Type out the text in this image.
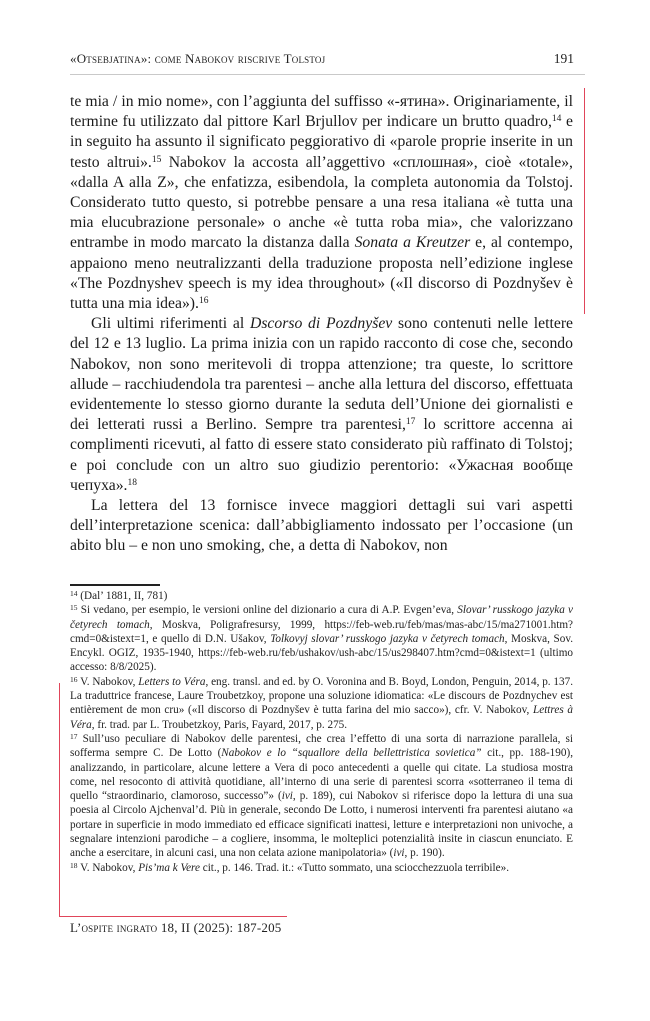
«Otsebjatina»: come Nabokov riscrive Tolstoj	191

te mia / in mio nome», con l’aggiunta del suffisso «-ятина». Originariamente, il termine fu utilizzato dal pittore Karl Brjullov per indicare un brutto quadro,$^{14}$ e in seguito ha assunto il significato peggiorativo di «parole proprie inserite in un testo altrui».$^{15}$ Nabokov la accosta all’aggettivo «сплошная», cioè «totale», «dalla A alla Z», che enfatizza, esibendola, la completa autonomia da Tolstoj. Considerato tutto questo, si potrebbe pensare a una resa italiana «è tutta una mia elucubrazione personale» o anche «è tutta roba mia», che valorizzano entrambe in modo marcato la distanza dalla Sonata a Kreutzer e, al contempo, appaiono meno neutralizzanti della traduzione proposta nell’edizione inglese «The Pozdnyshev speech is my idea throughout» («Il discorso di Pozdnyšev è tutta una mia idea»).$^{16}$

Gli ultimi riferimenti al Dscorso di Pozdnyšev sono contenuti nelle lettere del 12 e 13 luglio. La prima inizia con un rapido racconto di cose che, secondo Nabokov, non sono meritevoli di troppa attenzione; tra queste, lo scrittore allude – racchiudendola tra parentesi – anche alla lettura del discorso, effettuata evidentemente lo stesso giorno durante la seduta dell’Unione dei giornalisti e dei letterati russi a Berlino. Sempre tra parentesi,$^{17}$ lo scrittore accenna ai complimenti ricevuti, al fatto di essere stato considerato più raffinato di Tolstoj; e poi conclude con un altro suo giudizio perentorio: «Ужасная вообще чепуха».$^{18}$

La lettera del 13 fornisce invece maggiori dettagli sui vari aspetti dell’interpretazione scenica: dall’abbigliamento indossato per l’occasione (un abito blu – e non uno smoking, che, a detta di Nabokov, non

$^{14}$ (Dal’ 1881, II, 781)

$^{15}$ Si vedano, per esempio, le versioni online del dizionario a cura di A.P. Evgen’eva, Slovar’ russkogo jazyka v četyrech tomach, Moskva, Poligrafresursy, 1999, https://feb-web.ru/feb/mas/mas-abc/15/ma271001.htm?cmd=0&istext=1, e quello di D.N. Ušakov, Tolkovyj slovar’ russkogo jazyka v četyrech tomach, Moskva, Sov. Encykl. OGIZ, 1935-1940, https://feb-web.ru/feb/ushakov/ush-abc/15/us298407.htm?cmd=0&istext=1 (ultimo accesso: 8/8/2025).

$^{16}$ V. Nabokov, Letters to Véra, eng. transl. and ed. by O. Voronina and B. Boyd, London, Penguin, 2014, p. 137. La traduttrice francese, Laure Troubetzkoy, propone una soluzione idiomatica: «Le discours de Pozdnychev est entièrement de mon cru» («Il discorso di Pozdnyšev è tutta farina del mio sacco»), cfr. V. Nabokov, Lettres à Véra, fr. trad. par L. Troubetzkoy, Paris, Fayard, 2017, p. 275.

$^{17}$ Sull’uso peculiare di Nabokov delle parentesi, che crea l’effetto di una sorta di narrazione parallela, si sofferma sempre C. De Lotto (Nabokov e lo “squallore della bellettristica sovietica” cit., pp. 188-190), analizzando, in particolare, alcune lettere a Vera di poco antecedenti a quelle qui citate. La studiosa mostra come, nel resoconto di attività quotidiane, all’interno di una serie di parentesi scorra «sotterraneo il tema di quello “straordinario, clamoroso, successo”» (ivi, p. 189), cui Nabokov si riferisce dopo la lettura di una sua poesia al Circolo Ajchenval’d. Più in generale, secondo De Lotto, i numerosi interventi fra parentesi aiutano «a portare in superficie in modo immediato ed efficace significati inattesi, letture e interpretazioni non univoche, a segnalare intenzioni parodiche – a cogliere, insomma, le molteplici potenzialità insite in ciascun enunciato. E anche a esercitare, in alcuni casi, una non celata azione manipolatoria» (ivi, p. 190).

$^{18}$ V. Nabokov, Pis’ma k Vere cit., p. 146. Trad. it.: «Tutto sommato, una sciocchezzuola terribile».

L’ospite ingrato 18, II (2025): 187-205
